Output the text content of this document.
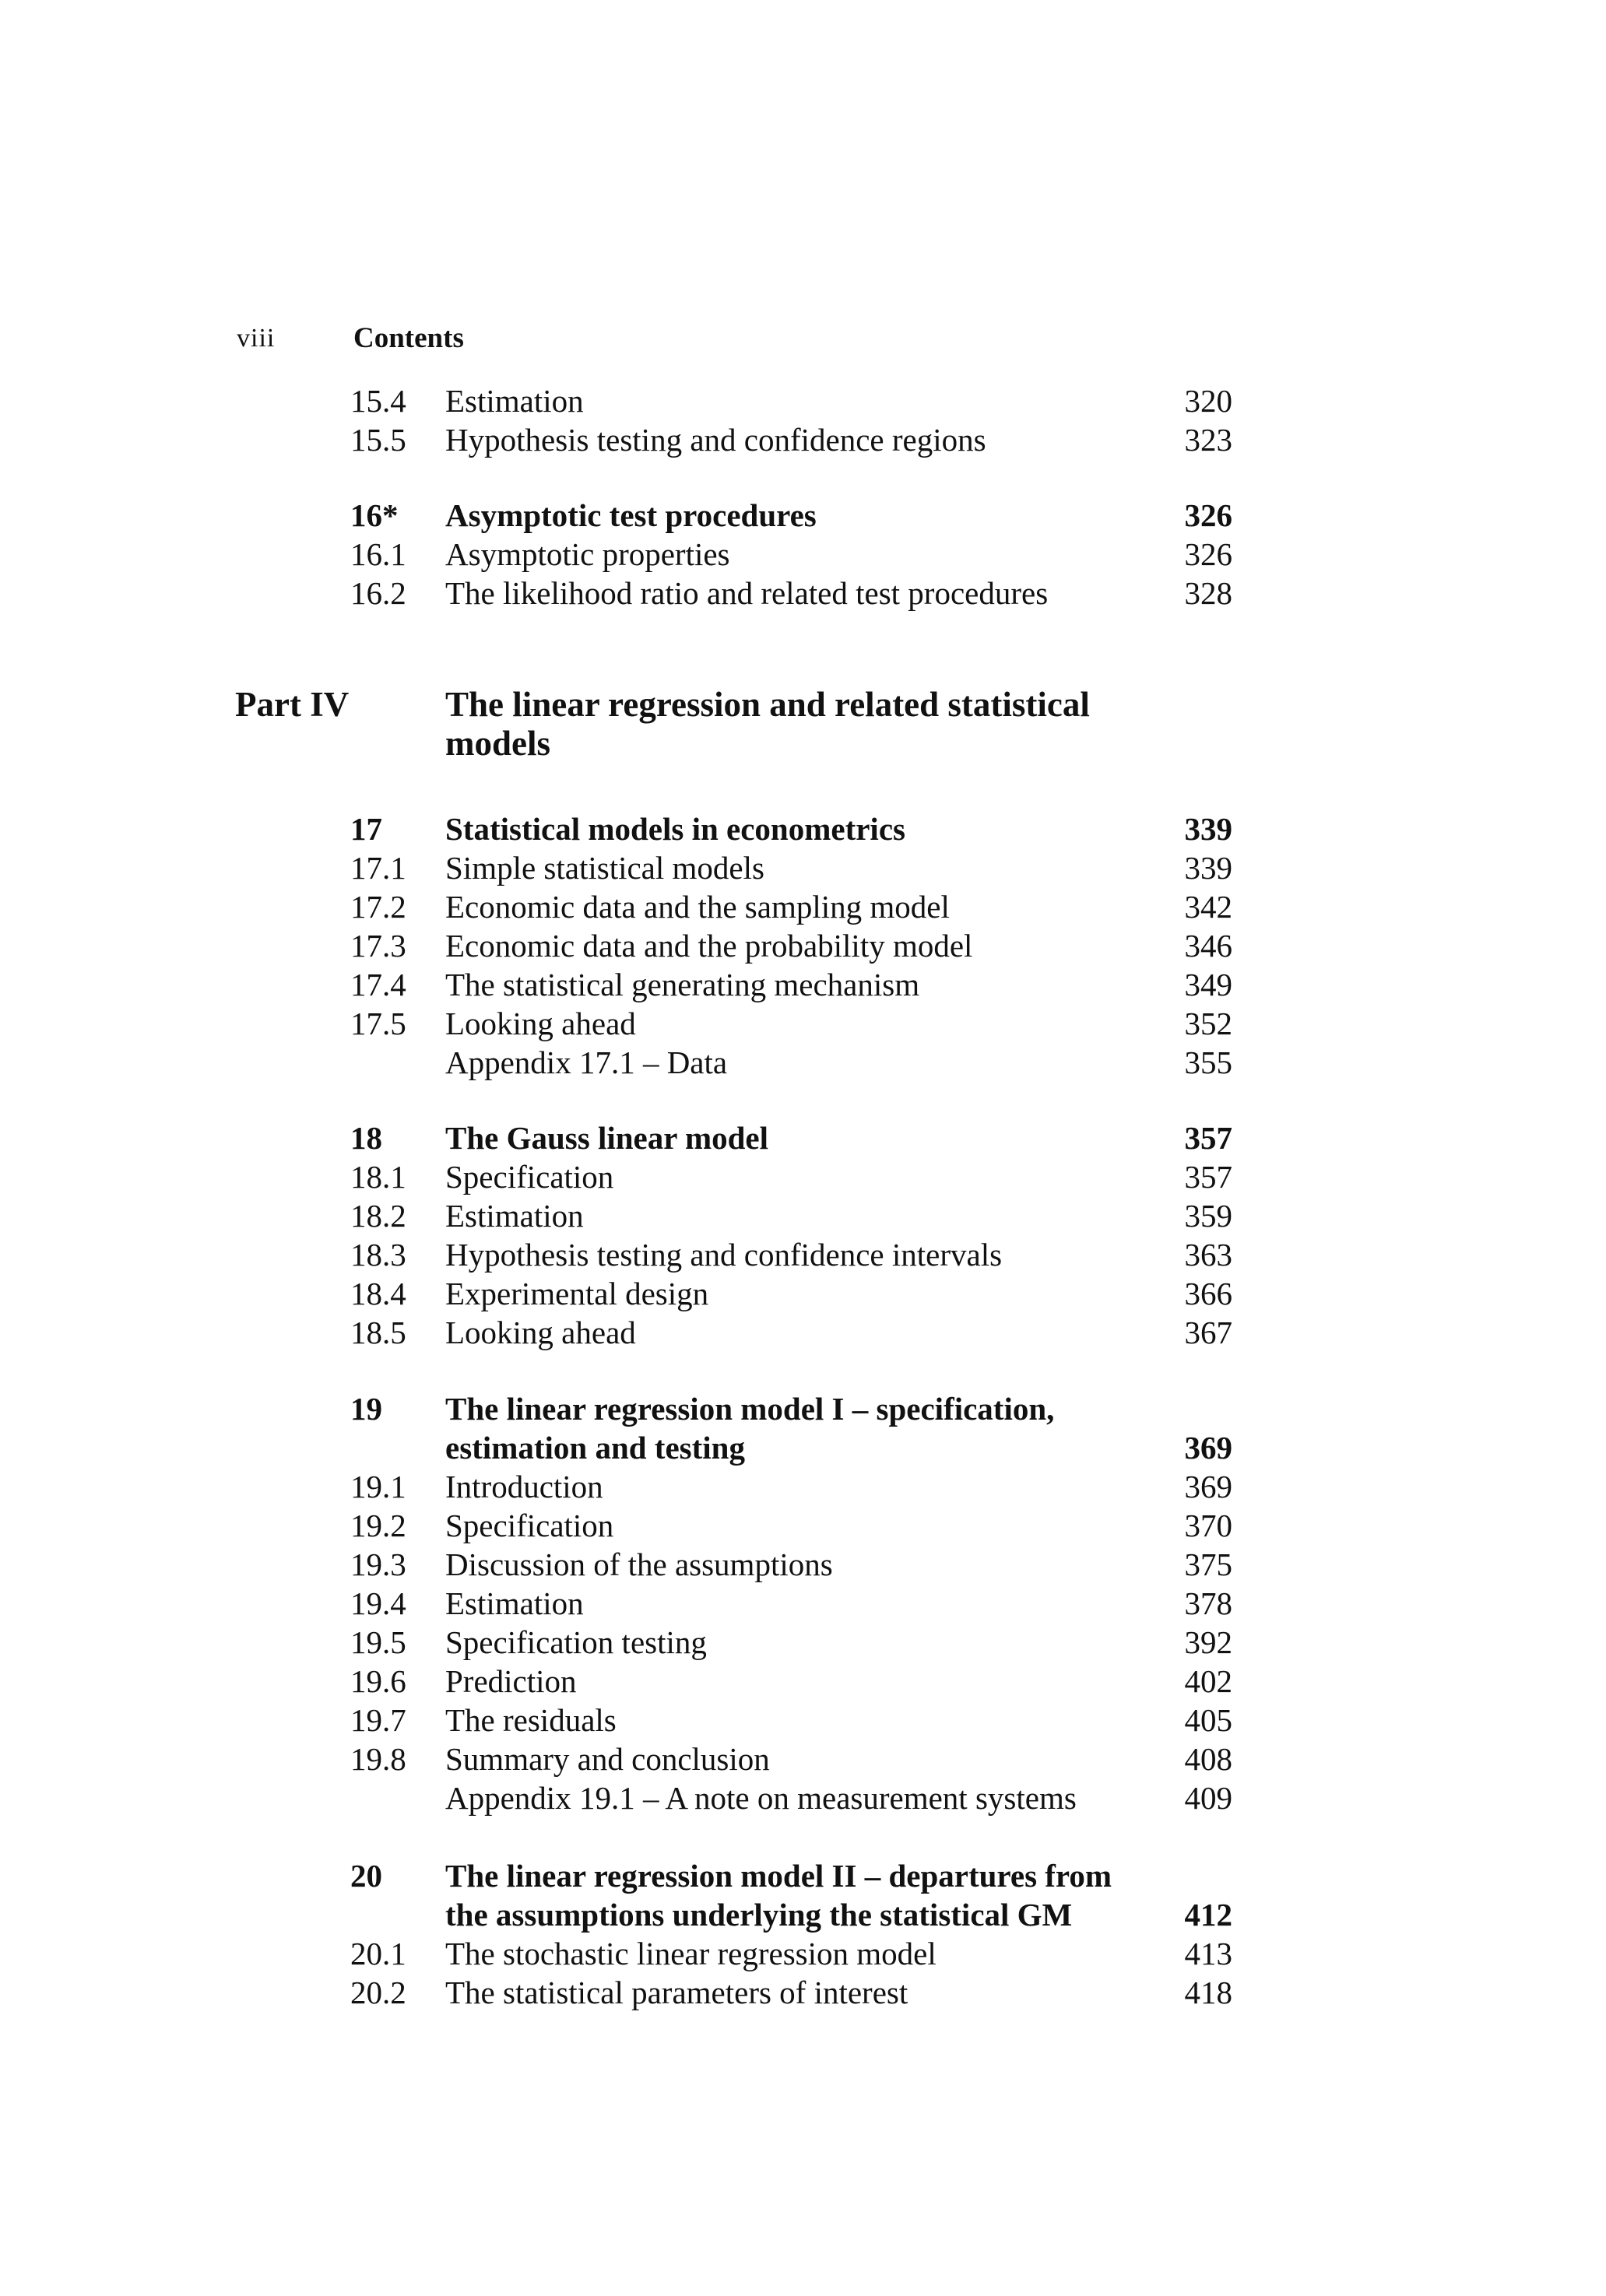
viii	Contents
15.4	Estimation	320
15.5	Hypothesis testing and confidence regions	323
16*	Asymptotic test procedures	326
16.1	Asymptotic properties	326
16.2	The likelihood ratio and related test procedures	328
Part IV	The linear regression and related statistical
models
17	Statistical models in econometrics	339
17.1	Simple statistical models	339
17.2	Economic data and the sampling model	342
17.3	Economic data and the probability model	346
17.4	The statistical generating mechanism	349
17.5	Looking ahead	352
Appendix 17.1 – Data	355
18	The Gauss linear model	357
18.1	Specification	357
18.2	Estimation	359
18.3	Hypothesis testing and confidence intervals	363
18.4	Experimental design	366
18.5	Looking ahead	367
19	The linear regression model I – specification,
estimation and testing	369
19.1	Introduction	369
19.2	Specification	370
19.3	Discussion of the assumptions	375
19.4	Estimation	378
19.5	Specification testing	392
19.6	Prediction	402
19.7	The residuals	405
19.8	Summary and conclusion	408
Appendix 19.1 – A note on measurement systems	409
20	The linear regression model II – departures from
the assumptions underlying the statistical GM	412
20.1	The stochastic linear regression model	413
20.2	The statistical parameters of interest	418
